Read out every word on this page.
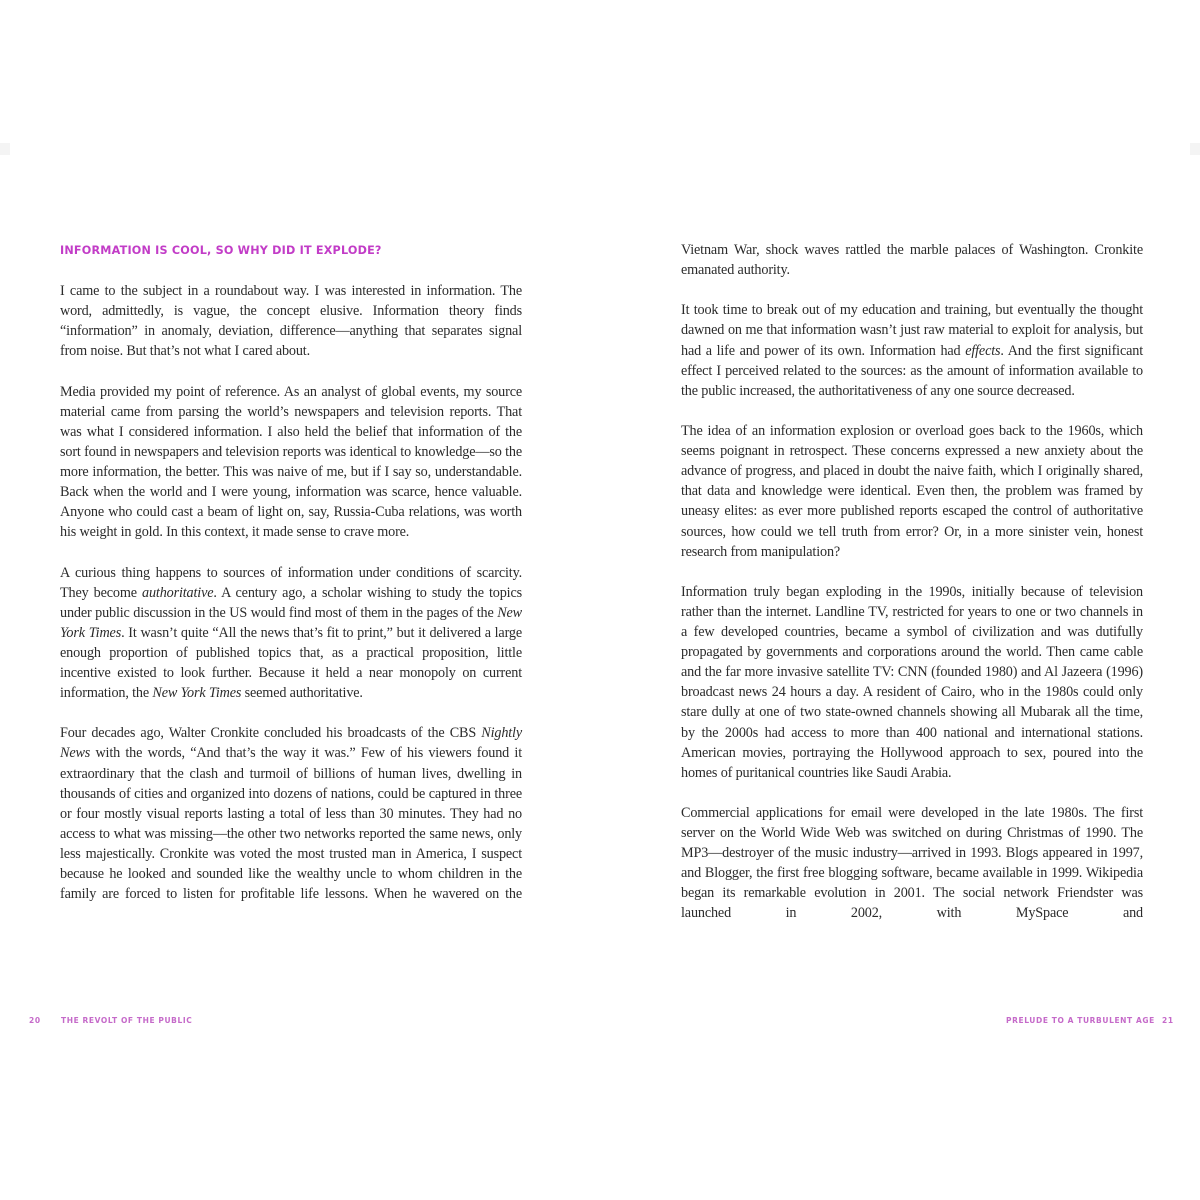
INFORMATION IS COOL, SO WHY DID IT EXPLODE?

I came to the subject in a roundabout way. I was interested in information. The word, admittedly, is vague, the concept elusive. Information theory finds “information” in anomaly, deviation, difference—anything that separates signal from noise. But that’s not what I cared about.

Media provided my point of reference. As an analyst of global events, my source material came from parsing the world’s newspapers and television reports. That was what I considered information. I also held the belief that information of the sort found in newspapers and television reports was identical to knowledge—so the more information, the better. This was naive of me, but if I say so, understandable. Back when the world and I were young, information was scarce, hence valuable. Anyone who could cast a beam of light on, say, Russia-Cuba relations, was worth his weight in gold. In this context, it made sense to crave more.

A curious thing happens to sources of information under conditions of scarcity. They become authoritative. A century ago, a scholar wishing to study the topics under public discussion in the US would find most of them in the pages of the New York Times. It wasn’t quite “All the news that’s fit to print,” but it delivered a large enough proportion of published topics that, as a practical proposition, little incentive existed to look further. Because it held a near monopoly on current information, the New York Times seemed authoritative.

Four decades ago, Walter Cronkite concluded his broadcasts of the CBS Nightly News with the words, “And that’s the way it was.” Few of his viewers found it extraordinary that the clash and turmoil of billions of human lives, dwelling in thousands of cities and organized into dozens of nations, could be captured in three or four mostly visual reports lasting a total of less than 30 minutes. They had no access to what was missing—the other two networks reported the same news, only less majestically. Cronkite was voted the most trusted man in America, I suspect because he looked and sounded like the wealthy uncle to whom children in the family are forced to listen for profitable life lessons. When he wavered on the

20	THE REVOLT OF THE PUBLIC

Vietnam War, shock waves rattled the marble palaces of Washington. Cronkite emanated authority.

It took time to break out of my education and training, but eventually the thought dawned on me that information wasn’t just raw material to exploit for analysis, but had a life and power of its own. Information had effects. And the first significant effect I perceived related to the sources: as the amount of information available to the public increased, the authoritativeness of any one source decreased.

The idea of an information explosion or overload goes back to the 1960s, which seems poignant in retrospect. These concerns expressed a new anxiety about the advance of progress, and placed in doubt the naive faith, which I originally shared, that data and knowledge were identical. Even then, the problem was framed by uneasy elites: as ever more published reports escaped the control of authoritative sources, how could we tell truth from error? Or, in a more sinister vein, honest research from manipulation?

Information truly began exploding in the 1990s, initially because of television rather than the internet. Landline TV, restricted for years to one or two channels in a few developed countries, became a symbol of civilization and was dutifully propagated by governments and corporations around the world. Then came cable and the far more invasive satellite TV: CNN (founded 1980) and Al Jazeera (1996) broadcast news 24 hours a day. A resident of Cairo, who in the 1980s could only stare dully at one of two state-owned channels showing all Mubarak all the time, by the 2000s had access to more than 400 national and international stations. American movies, portraying the Hollywood approach to sex, poured into the homes of puritanical countries like Saudi Arabia.

Commercial applications for email were developed in the late 1980s. The first server on the World Wide Web was switched on during Christmas of 1990. The MP3—destroyer of the music industry—arrived in 1993. Blogs appeared in 1997, and Blogger, the first free blogging software, became available in 1999. Wikipedia began its remarkable evolution in 2001. The social network Friendster was launched in 2002, with MySpace and

PRELUDE TO A TURBULENT AGE 21
